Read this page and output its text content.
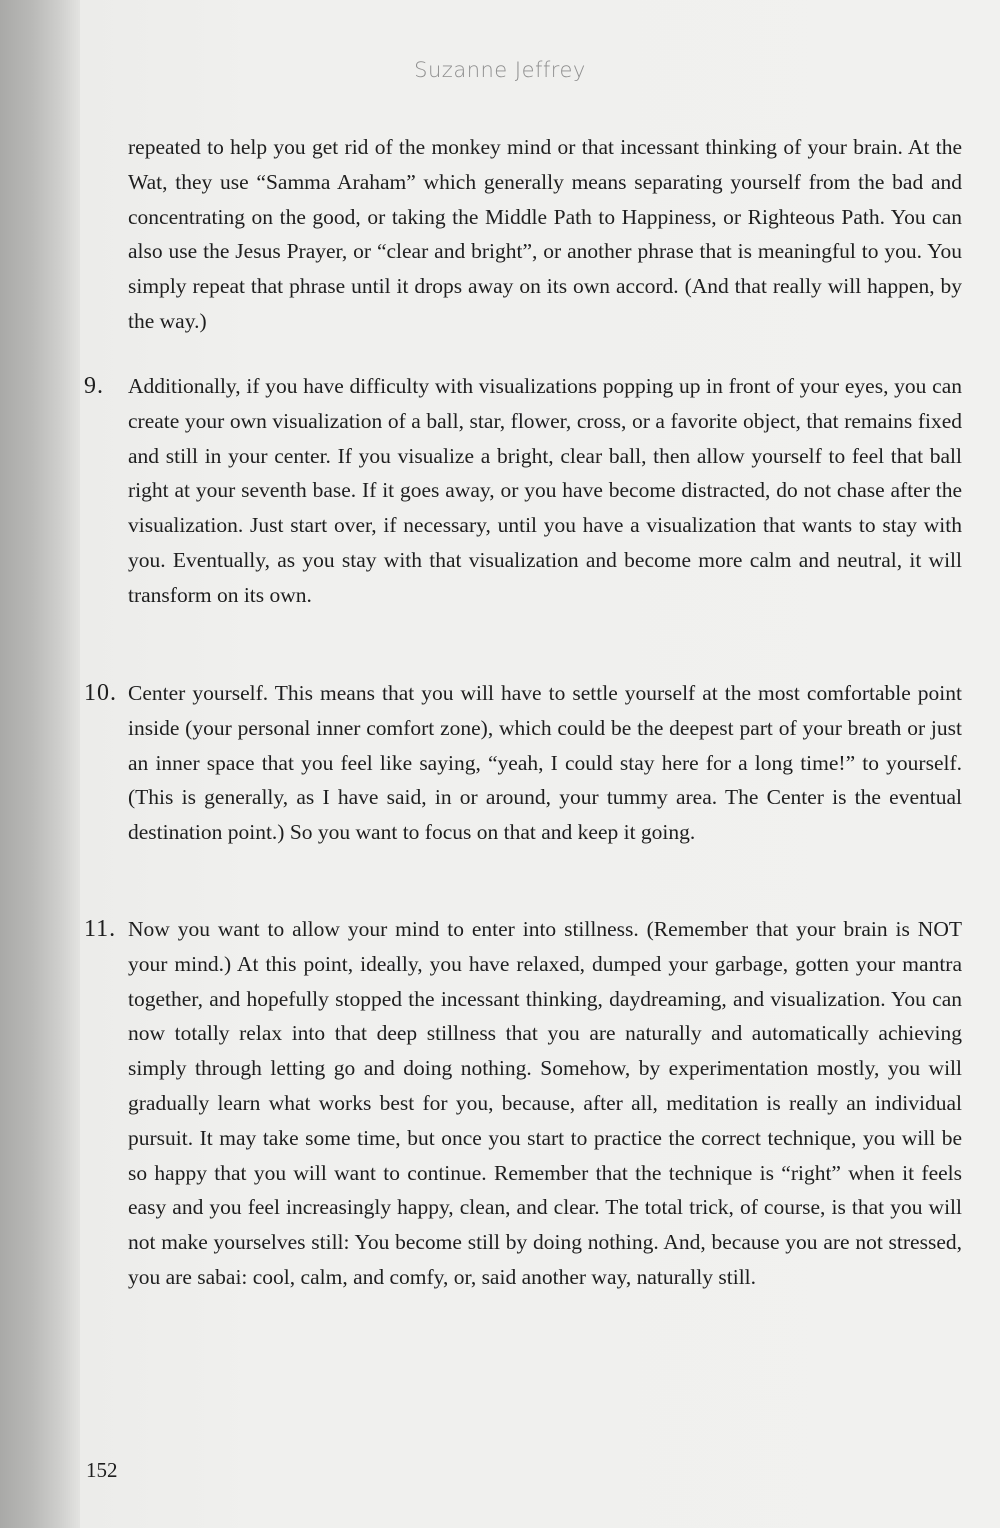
Suzanne Jeffrey

repeated to help you get rid of the monkey mind or that incessant thinking of your brain. At the Wat, they use “Samma Araham” which generally means separating yourself from the bad and concentrating on the good, or taking the Middle Path to Happiness, or Righteous Path. You can also use the Jesus Prayer, or “clear and bright”, or another phrase that is meaningful to you. You simply repeat that phrase until it drops away on its own accord. (And that really will happen, by the way.)

9. Additionally, if you have difficulty with visualizations popping up in front of your eyes, you can create your own visualization of a ball, star, flower, cross, or a favorite object, that remains fixed and still in your center. If you visualize a bright, clear ball, then allow yourself to feel that ball right at your seventh base. If it goes away, or you have become distracted, do not chase after the visualization. Just start over, if necessary, until you have a visualization that wants to stay with you. Eventually, as you stay with that visualization and become more calm and neutral, it will transform on its own.

10. Center yourself. This means that you will have to settle yourself at the most comfortable point inside (your personal inner comfort zone), which could be the deepest part of your breath or just an inner space that you feel like saying, “yeah, I could stay here for a long time!” to yourself. (This is generally, as I have said, in or around, your tummy area. The Center is the eventual destination point.) So you want to focus on that and keep it going.

11. Now you want to allow your mind to enter into stillness. (Remember that your brain is NOT your mind.) At this point, ideally, you have relaxed, dumped your garbage, gotten your mantra together, and hopefully stopped the incessant thinking, daydreaming, and visualization. You can now totally relax into that deep stillness that you are naturally and automatically achieving simply through letting go and doing nothing. Somehow, by experimentation mostly, you will gradually learn what works best for you, because, after all, meditation is really an individual pursuit. It may take some time, but once you start to practice the correct technique, you will be so happy that you will want to continue. Remember that the technique is “right” when it feels easy and you feel increasingly happy, clean, and clear. The total trick, of course, is that you will not make yourselves still: You become still by doing nothing. And, because you are not stressed, you are sabai: cool, calm, and comfy, or, said another way, naturally still.

152
